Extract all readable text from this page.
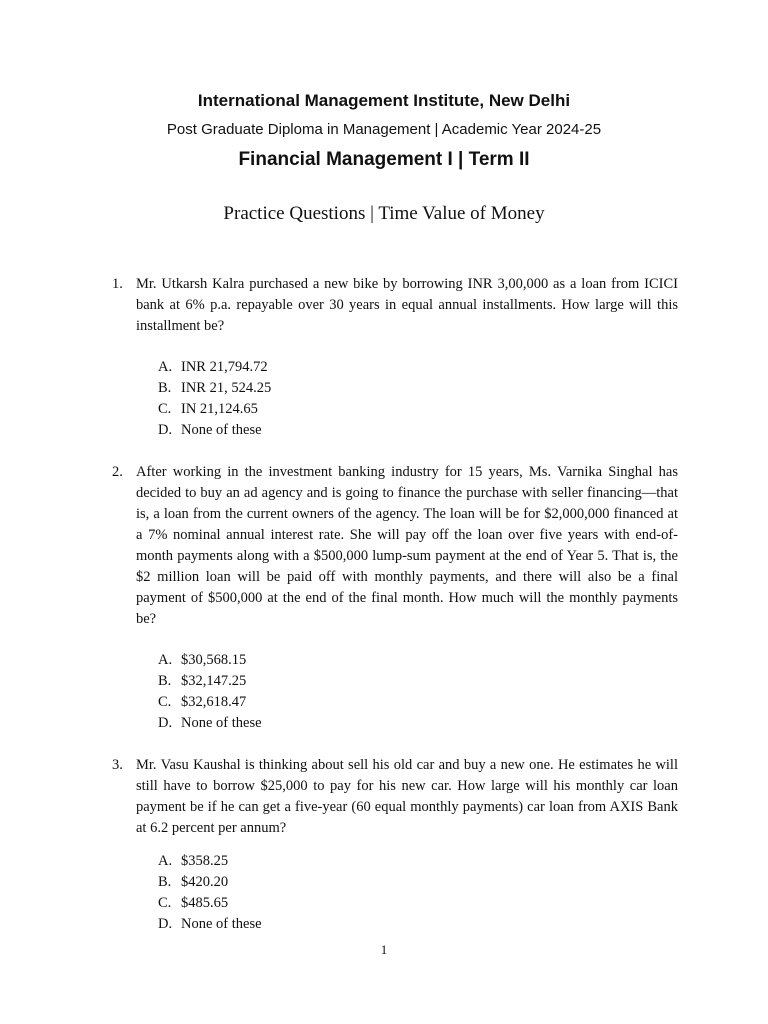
International Management Institute, New Delhi
Post Graduate Diploma in Management | Academic Year 2024-25
Financial Management I | Term II
Practice Questions | Time Value of Money
1. Mr. Utkarsh Kalra purchased a new bike by borrowing INR 3,00,000 as a loan from ICICI bank at 6% p.a. repayable over 30 years in equal annual installments. How large will this installment be?
A. INR 21,794.72
B. INR 21, 524.25
C. IN 21,124.65
D. None of these
2. After working in the investment banking industry for 15 years, Ms. Varnika Singhal has decided to buy an ad agency and is going to finance the purchase with seller financing—that is, a loan from the current owners of the agency. The loan will be for $2,000,000 financed at a 7% nominal annual interest rate. She will pay off the loan over five years with end-of-month payments along with a $500,000 lump-sum payment at the end of Year 5. That is, the $2 million loan will be paid off with monthly payments, and there will also be a final payment of $500,000 at the end of the final month. How much will the monthly payments be?
A. $30,568.15
B. $32,147.25
C. $32,618.47
D. None of these
3. Mr. Vasu Kaushal is thinking about sell his old car and buy a new one. He estimates he will still have to borrow $25,000 to pay for his new car. How large will his monthly car loan payment be if he can get a five-year (60 equal monthly payments) car loan from AXIS Bank at 6.2 percent per annum?
A. $358.25
B. $420.20
C. $485.65
D. None of these
1
